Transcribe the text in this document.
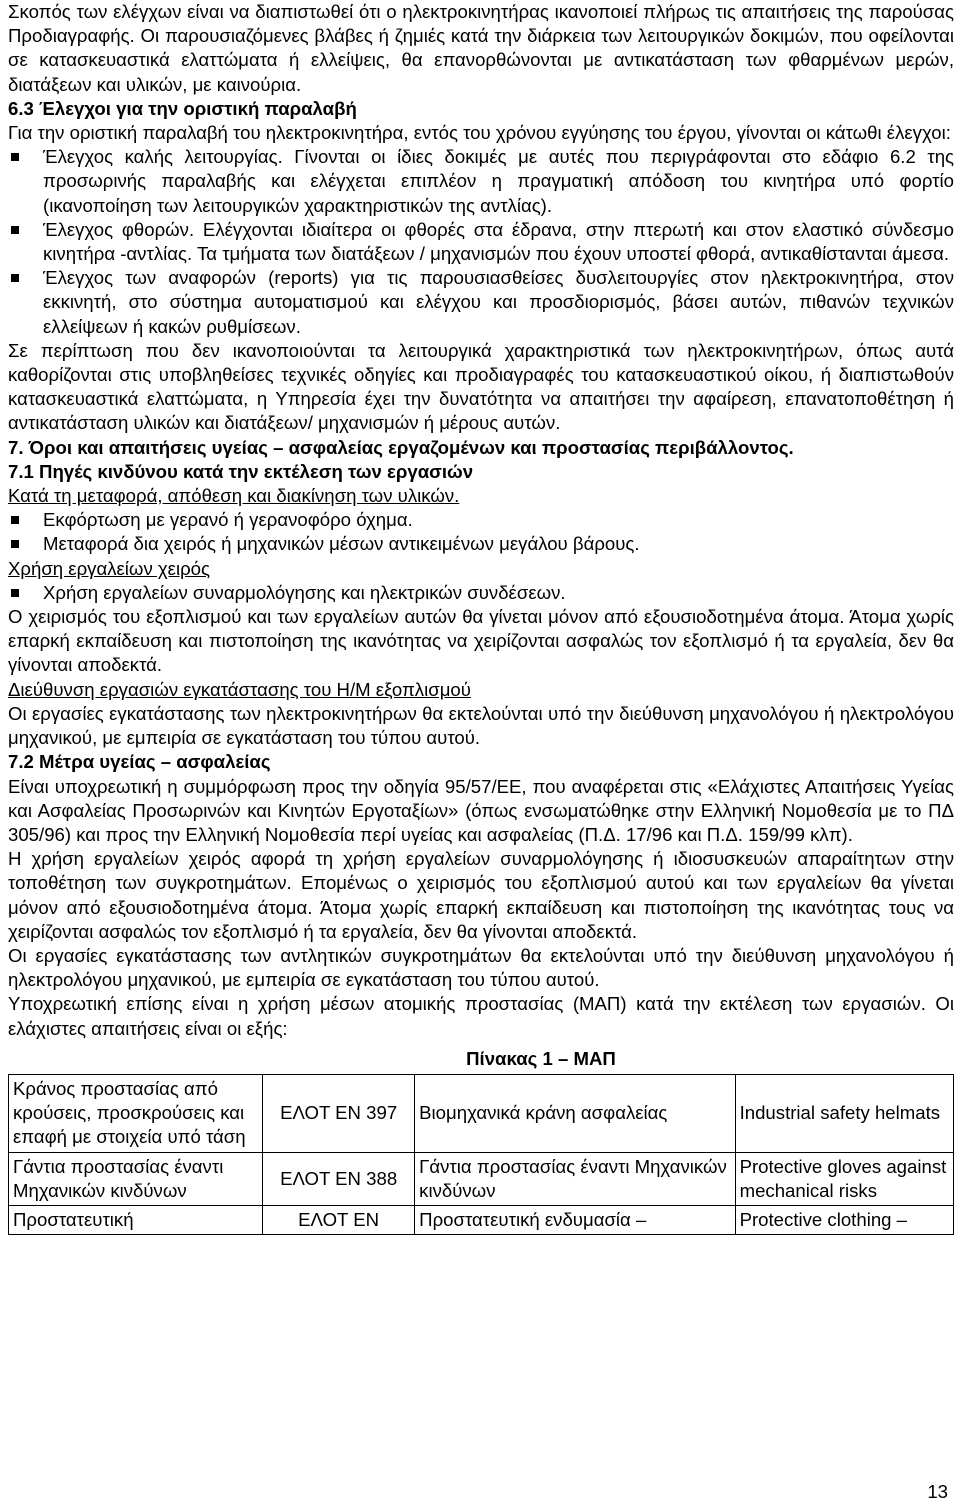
Σκοπός των ελέγχων είναι να διαπιστωθεί ότι ο ηλεκτροκινητήρας ικανοποιεί πλήρως τις απαιτήσεις της παρούσας Προδιαγραφής. Οι παρουσιαζόμενες βλάβες ή ζημιές κατά την διάρκεια των λειτουργικών δοκιμών, που οφείλονται σε κατασκευαστικά ελαττώματα ή ελλείψεις, θα επανορθώνονται με αντικατάσταση των φθαρμένων μερών, διατάξεων και υλικών, με καινούρια.

6.3 Έλεγχοι για την οριστική παραλαβή

Για την οριστική παραλαβή του ηλεκτροκινητήρα, εντός του χρόνου εγγύησης του έργου, γίνονται οι κάτωθι έλεγχοι:

Έλεγχος καλής λειτουργίας. Γίνονται οι ίδιες δοκιμές με αυτές που περιγράφονται στο εδάφιο 6.2 της προσωρινής παραλαβής και ελέγχεται επιπλέον η πραγματική απόδοση του κινητήρα υπό φορτίο (ικανοποίηση των λειτουργικών χαρακτηριστικών της αντλίας).
Έλεγχος φθορών. Ελέγχονται ιδιαίτερα οι φθορές στα έδρανα, στην πτερωτή και στον ελαστικό σύνδεσμο κινητήρα -αντλίας. Τα τμήματα των διατάξεων / μηχανισμών που έχουν υποστεί φθορά, αντικαθίστανται άμεσα.
Έλεγχος των αναφορών (reports) για τις παρουσιασθείσες δυσλειτουργίες στον ηλεκτροκινητήρα, στον εκκινητή, στο σύστημα αυτοματισμού και ελέγχου και προσδιορισμός, βάσει αυτών, πιθανών τεχνικών ελλείψεων ή κακών ρυθμίσεων.

Σε περίπτωση που δεν ικανοποιούνται τα λειτουργικά χαρακτηριστικά των ηλεκτροκινητήρων, όπως αυτά καθορίζονται στις υποβληθείσες τεχνικές οδηγίες και προδιαγραφές του κατασκευαστικού οίκου, ή διαπιστωθούν κατασκευαστικά ελαττώματα, η Υπηρεσία έχει την δυνατότητα να απαιτήσει την αφαίρεση, επανατοποθέτηση ή αντικατάσταση υλικών και διατάξεων/ μηχανισμών ή μέρους αυτών.

7. Όροι και απαιτήσεις υγείας – ασφαλείας εργαζομένων και προστασίας περιβάλλοντος.

7.1 Πηγές κινδύνου κατά την εκτέλεση των εργασιών

Κατά τη μεταφορά, απόθεση και διακίνηση των υλικών.

Εκφόρτωση με γερανό ή γερανοφόρο όχημα.
Μεταφορά δια χειρός ή μηχανικών μέσων αντικειμένων μεγάλου βάρους.

Χρήση εργαλείων χειρός

Χρήση εργαλείων συναρμολόγησης και ηλεκτρικών συνδέσεων.

Ο χειρισμός του εξοπλισμού και των εργαλείων αυτών θα γίνεται μόνον από εξουσιοδοτημένα άτομα. Άτομα χωρίς επαρκή εκπαίδευση και πιστοποίηση της ικανότητας να χειρίζονται ασφαλώς τον εξοπλισμό ή τα εργαλεία, δεν θα γίνονται αποδεκτά.

Διεύθυνση εργασιών εγκατάστασης του Η/Μ εξοπλισμού

Οι εργασίες εγκατάστασης των ηλεκτροκινητήρων θα εκτελούνται υπό την διεύθυνση μηχανολόγου ή ηλεκτρολόγου μηχανικού, με εμπειρία σε εγκατάσταση του τύπου αυτού.

7.2 Μέτρα υγείας – ασφαλείας

Είναι υποχρεωτική η συμμόρφωση προς την οδηγία 95/57/ΕΕ, που αναφέρεται στις «Ελάχιστες Απαιτήσεις Υγείας και Ασφαλείας Προσωρινών και Κινητών Εργοταξίων» (όπως ενσωματώθηκε στην Ελληνική Νομοθεσία με το ΠΔ 305/96) και προς την Ελληνική Νομοθεσία περί υγείας και ασφαλείας (Π.Δ. 17/96 και Π.Δ. 159/99 κλπ).

Η χρήση εργαλείων χειρός αφορά τη χρήση εργαλείων συναρμολόγησης ή ιδιοσυσκευών απαραίτητων στην τοποθέτηση των συγκροτημάτων. Επομένως ο χειρισμός του εξοπλισμού αυτού και των εργαλείων θα γίνεται μόνον από εξουσιοδοτημένα άτομα. Άτομα χωρίς επαρκή εκπαίδευση και πιστοποίηση της ικανότητας τους να χειρίζονται ασφαλώς τον εξοπλισμό ή τα εργαλεία, δεν θα γίνονται αποδεκτά.

Οι εργασίες εγκατάστασης των αντλητικών συγκροτημάτων θα εκτελούνται υπό την διεύθυνση μηχανολόγου ή ηλεκτρολόγου μηχανικού, με εμπειρία σε εγκατάσταση του τύπου αυτού.

Υποχρεωτική επίσης είναι η χρήση μέσων ατομικής προστασίας (ΜΑΠ) κατά την εκτέλεση των εργασιών. Οι ελάχιστες απαιτήσεις είναι οι εξής:

Πίνακας 1 – ΜΑΠ
Κράνος προστασίας από κρούσεις, προσκρούσεις και επαφή με στοιχεία υπό τάση	ΕΛΟΤ ΕΝ 397	Βιομηχανικά κράνη ασφαλείας	Industrial safety helmats
Γάντια προστασίας έναντι Μηχανικών κινδύνων	ΕΛΟΤ ΕΝ 388	Γάντια προστασίας έναντι Μηχανικών κινδύνων	Protective gloves against mechanical risks
Προστατευτική	ΕΛΟΤ ΕΝ	Προστατευτική ενδυμασία –	Protective clothing –
13
